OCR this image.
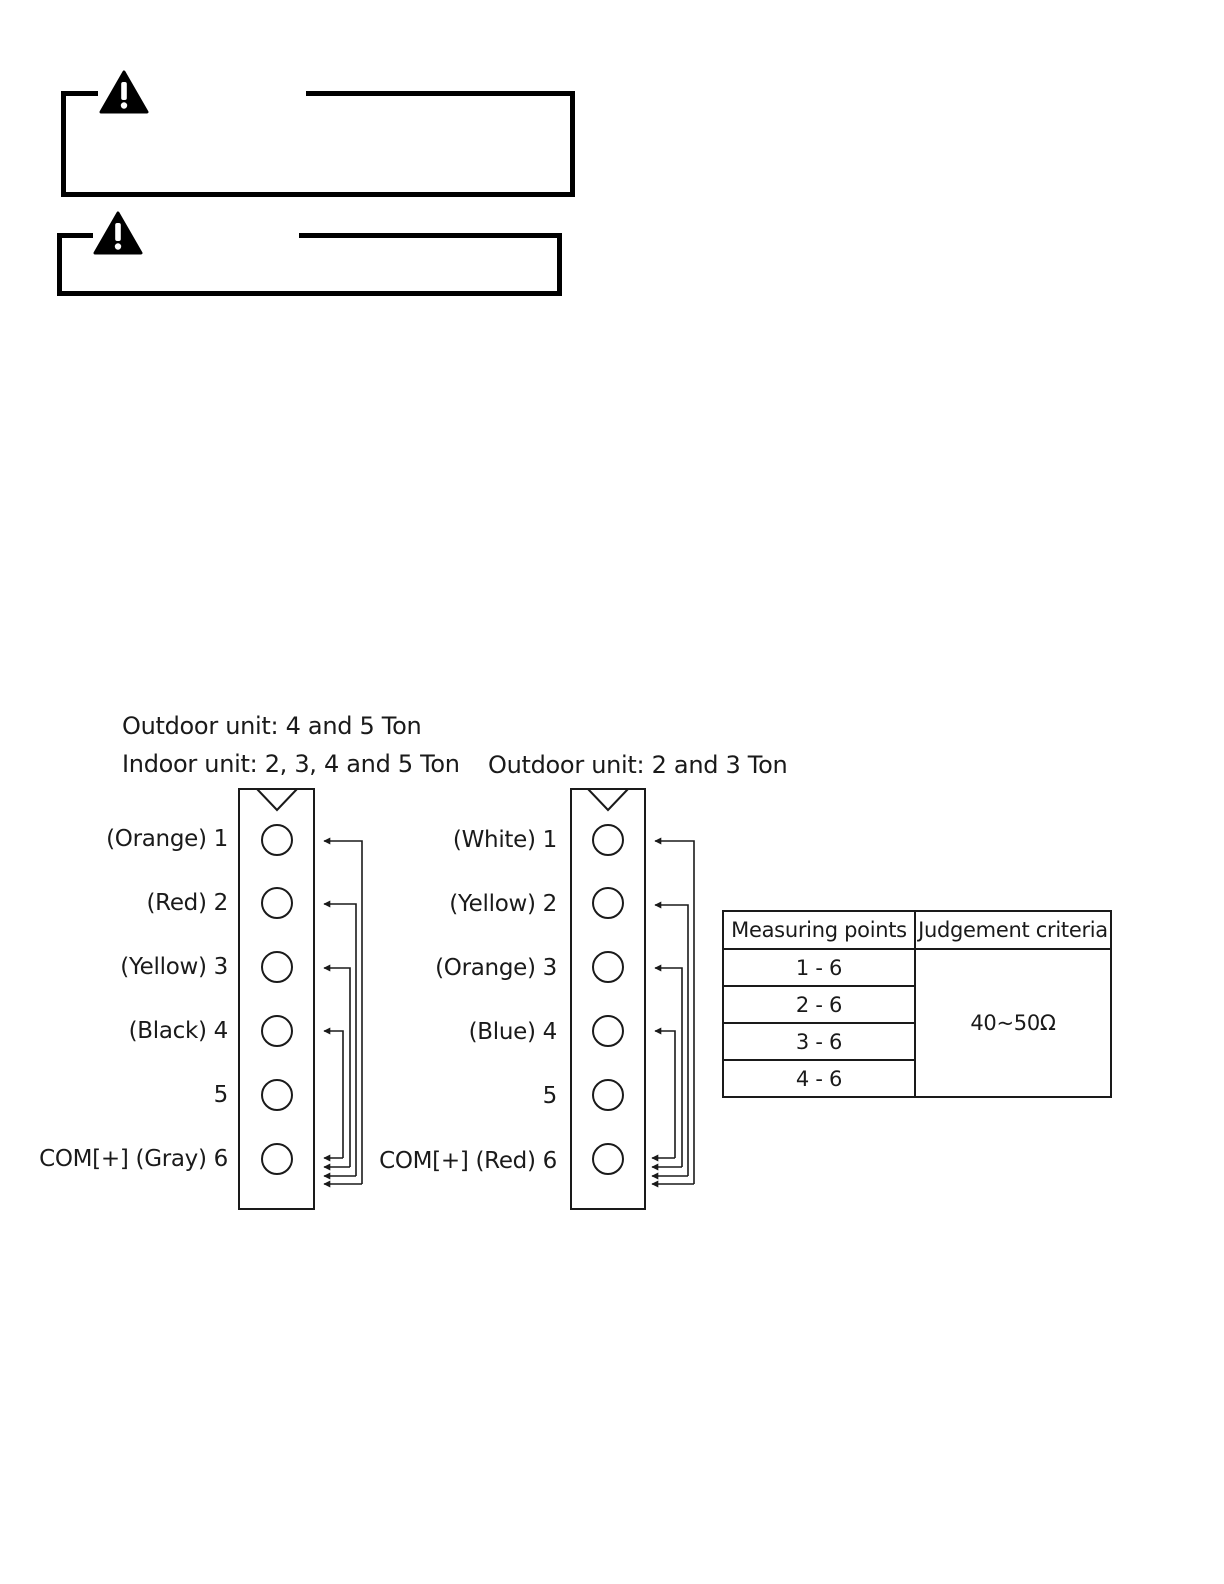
Outdoor unit: 4 and 5 Ton
Indoor unit: 2, 3, 4 and 5 Ton Outdoor unit: 2 and 3 Ton
(Orange) 1
(Red) 2
(Yellow) 3
(Black) 4
5
COM[+] (Gray) 6
(White) 1
(Yellow) 2
(Orange) 3
(Blue) 4
5
COM[+] (Red) 6
Measuring points	Judgement criteria
1 - 6	40~50Ω
2 - 6	
3 - 6	
4 - 6	
